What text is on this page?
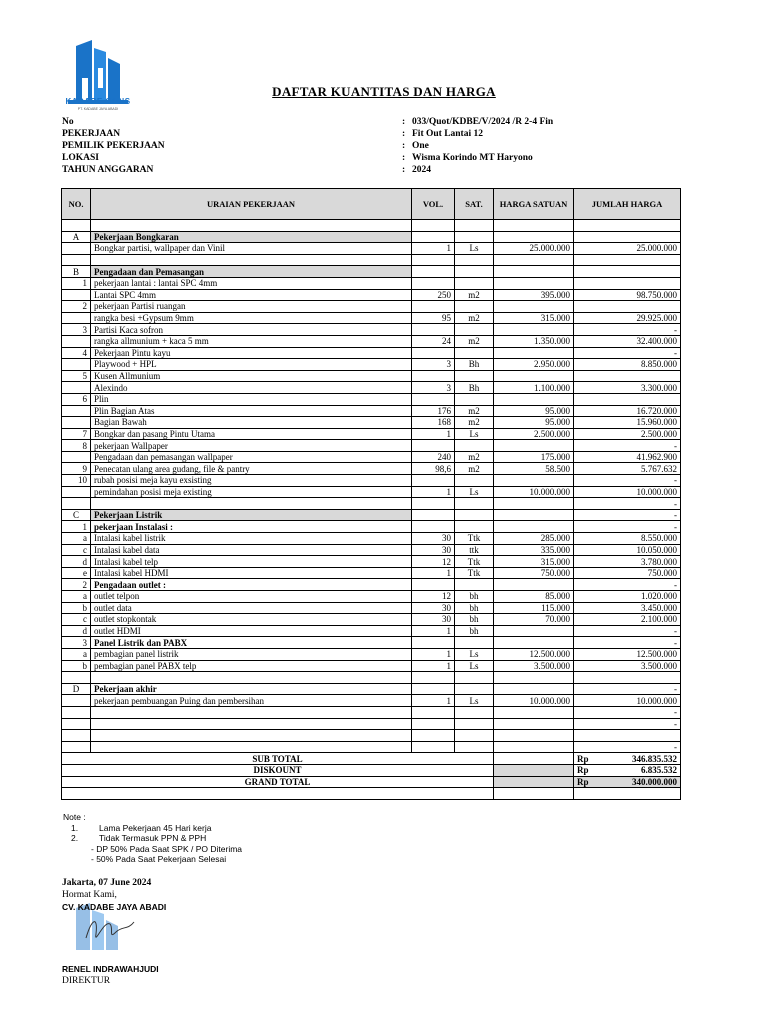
KADABE CONS
PT. KADABE JAYA ABADI
DAFTAR KUANTITAS DAN HARGA
No	: 033/Quot/KDBE/V/2024 /R 2-4 Fin
PEKERJAAN	: Fit Out Lantai 12
PEMILIK PEKERJAAN	: One
LOKASI	: Wisma Korindo MT Haryono
TAHUN ANGGARAN	: 2024
NO.	URAIAN PEKERJAAN	VOL.	SAT.	HARGA SATUAN	JUMLAH HARGA

A	Pekerjaan Bongkaran				
	Bongkar partisi, wallpaper dan Vinil	1	Ls	25.000.000	25.000.000

B	Pengadaan dan Pemasangan				
1	pekerjaan lantai : lantai SPC 4mm				
	Lantai SPC 4mm	250	m2	395.000	98.750.000
2	pekerjaan Partisi ruangan				
	rangka besi +Gypsum 9mm	95	m2	315.000	29.925.000
3	Partisi Kaca sofron				-
	rangka allmunium + kaca 5 mm	24	m2	1.350.000	32.400.000
4	Pekerjaan Pintu kayu				-
	Playwood + HPL	3	Bh	2.950.000	8.850.000
5	Kusen Allmunium				
	Alexindo	3	Bh	1.100.000	3.300.000
6	Plin				
	Plin Bagian Atas	176	m2	95.000	16.720.000
	Bagian Bawah	168	m2	95.000	15.960.000
7	Bongkar dan pasang Pintu Utama	1	Ls	2.500.000	2.500.000
8	pekerjaan Wallpaper				-
	Pengadaan dan pemasangan wallpaper	240	m2	175.000	41.962.900
9	Penecatan ulang area gudang, file & pantry	98,6	m2	58.500	5.767.632
10	rubah posisi meja kayu exsisting				-
	pemindahan posisi meja existing	1	Ls	10.000.000	10.000.000
					-
C	Pekerjaan Listrik				-
1	pekerjaan Instalasi :				-
a	Intalasi kabel listrik	30	Ttk	285.000	8.550.000
c	Intalasi kabel data	30	ttk	335.000	10.050.000
d	Intalasi kabel telp	12	Ttk	315.000	3.780.000
e	Intalasi kabel HDMI	1	Ttk	750.000	750.000
2	Pengadaan outlet :				-
a	outlet telpon	12	bh	85.000	1.020.000
b	outlet data	30	bh	115.000	3.450.000
c	outlet stopkontak	30	bh	70.000	2.100.000
d	outlet HDMI	1	bh		-
3	Panel Listrik dan PABX				-
a	pembagian panel listrik	1	Ls	12.500.000	12.500.000
b	pembagian panel PABX telp	1	Ls	3.500.000	3.500.000

D	Pekerjaan akhir				-
	pekerjaan pembuangan Puing dan pembersihan	1	Ls	10.000.000	10.000.000
					-
					-

					-
SUB TOTAL					Rp 346.835.532

DISKOUNT					Rp 6.835.532

GRAND TOTAL					Rp 340.000.000

Note :
1.	Lama Pekerjaan 45 Hari kerja
2.	Tidak Termasuk PPN & PPH
- DP 50% Pada Saat SPK / PO Diterima
- 50% Pada Saat Pekerjaan Selesai
Jakarta, 07 June 2024
Hormat Kami,
CV. KADABE JAYA ABADI
RENEL INDRAWAHJUDI
DIREKTUR
